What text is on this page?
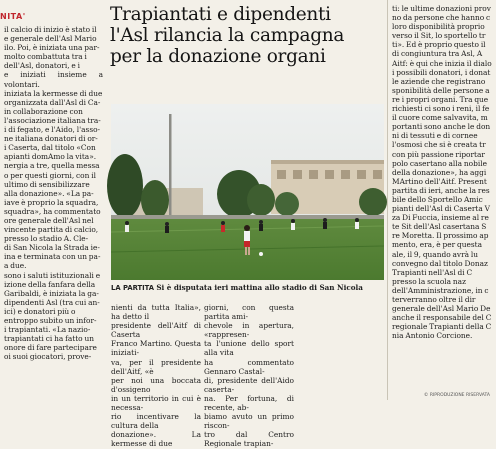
NITA'

il calcio di inizio è stato il

e generale dell'Asl Mario

ilo. Poi, è iniziata una par-

molto combattuta tra i

dell'Asl, donatori, e i

e iniziati insieme a volontari.

iniziata la kermesse di due

organizzata dall'Asl di Ca-

in collaborazione con

l'associazione italiana tra-

i di fegato, e l'Aido, l'asso-

ne italiana donatori di or-

i Caserta, dal titolo «Con

apianti domAmo la vita».

nergia a tre, quella messa

o per questi giorni, con il

ultimo di sensibilizzare

alla donazione». «La pa-

iave è proprio la squadra,

squadra», ha commentato

ore generale dell'Asl nel

vincente partita di calcio,

presso lo stadio A. Cle-

di San Nicola la Strada ie-

ina e terminata con un pa-

a due.

sono i saluti istituzionali e

izione della fanfara della

Garibaldi, è iniziata la ga-

dipendenti Asl (tra cui an-

ici) e donatori più o

entroppo subito un infor-

i trapiantati. «La nazio-

trapiantati ci ha fatto un

onore di fare partecipare

oi suoi giocatori, prove-

Trapiantati e dipendenti
l'Asl rilancia la campagna
per la donazione organi
LA PARTITA Si è disputata ieri mattina allo stadio di San Nicola

nienti da tutta Italia», ha detto il

presidente dell'Aitf di Caserta

Franco Martino. Questa iniziati-

va, per il presidente dell'Aitf, «è

per noi una boccata d'ossigeno

in un territorio in cui è necessa-

rio incentivare la cultura della

donazione». La kermesse di due

giorni, con questa partita ami-

chevole in apertura, «rappresen-

ta l'unione dello sport alla vita

ha commentato Gennaro Castal-

di, presidente dell'Aido caserta-

na. Per fortuna, di recente, ab-

biamo avuto un primo riscon-

tro dal Centro Regionale trapian-

ti: le ultime donazioni prov

no da persone che hanno c

loro disponibilità proprio

verso il Sit, lo sportello tr

ti». Ed è proprio questo il

di congiuntura tra Asl, A

Aitf: è qui che inizia il dialo

i possibili donatori, i donat

le aziende che registrano

sponibilità delle persone a

re i propri organi. Tra que

richiesti ci sono i reni, il fe

il cuore come salvavita, m

portanti sono anche le don

ni di tessuti e di cornee

l'osmosi che si è creata tr

con più passione riportar

polo casertano alla nobile

della donazione», ha aggi

MArtino dell'Aitf. Present

partita di ieri, anche la res

bile dello Sportello Amic

pianti dell'Asl di Caserta V

za Di Fuccia, insieme al re

te Sit dell'Asl casertana S

re Moretta. Il prossimo ap

mento, era, è per questa

ale, il 9, quando avrà lu

convegno dal titolo Donaz

Trapianti nell'Asl di C

presso la scuola naz

dell'Amministrazione, in c

terverranno oltre il dir

generale dell'Asl Mario De

anche il responsabile del C

regionale Trapianti della C

nia Antonio Corcione.

© RIPRODUZIONE RISERVATA
